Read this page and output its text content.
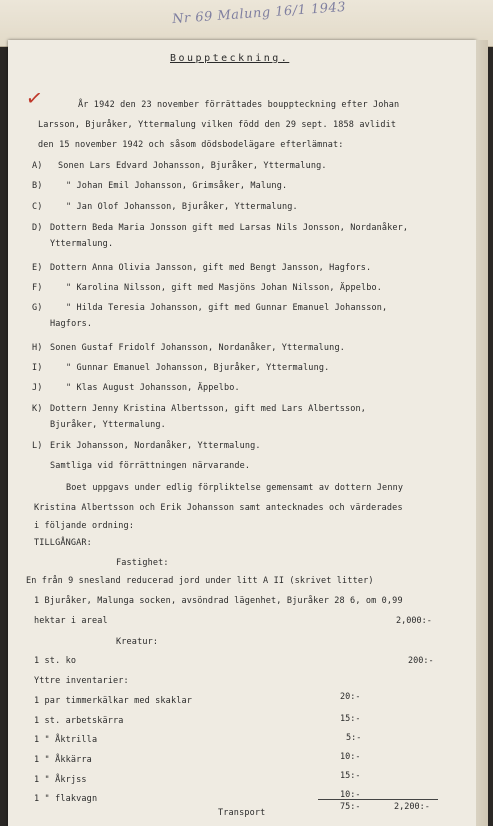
Nr 69 Malung 16/1 1943
✓
Bouppteckning.
År 1942 den 23 november förrättades bouppteckning efter Johan
Larsson, Bjuråker, Yttermalung vilken född den 29 sept. 1858 avlidit
den 15 november 1942 och såsom dödsbodelägare efterlämnat:
A) Sonen Lars Edvard Johansson, Bjuråker, Yttermalung.
B)	" Johan Emil Johansson, Grimsåker, Malung.
C)	" Jan Olof Johansson, Bjuråker, Yttermalung.
D) Dottern Beda Maria Jonsson gift med Larsas Nils Jonsson, Nordanåker,
Yttermalung.
E) Dottern Anna Olivia Jansson, gift med Bengt Jansson, Hagfors.
F)	" Karolina Nilsson, gift med Masjöns Johan Nilsson, Äppelbo.
G)	" Hilda Teresia Johansson, gift med Gunnar Emanuel Johansson,
Hagfors.
H) Sonen Gustaf Fridolf Johansson, Nordanåker, Yttermalung.
I)	" Gunnar Emanuel Johansson, Bjuråker, Yttermalung.
J)	" Klas August Johansson, Äppelbo.
K) Dottern Jenny Kristina Albertsson, gift med Lars Albertsson,
Bjuråker, Yttermalung.
L) Erik Johansson, Nordanåker, Yttermalung.
Samtliga vid förrättningen närvarande.
Boet uppgavs under edlig förpliktelse gemensamt av dottern Jenny
Kristina Albertsson och Erik Johansson samt antecknades och värderades
i följande ordning:
TILLGÅNGAR:
Fastighet:
En från 9 snesland reducerad jord under litt A II (skrivet litter)
1 Bjuråker, Malunga socken, avsöndrad lägenhet, Bjuråker 28 6, om 0,99
hektar i areal	2,000:-
Kreatur:
1 st. ko	200:-
Yttre inventarier:
1 par timmerkälkar med skaklar	20:-
1 st. arbetskärra	15:-
1 " Åktrilla	5:-
1 " Åkkärra	10:-
1 " Åkrjss	15:-
1 " flakvagn	10:-
Transport
75:-	2,200:-
